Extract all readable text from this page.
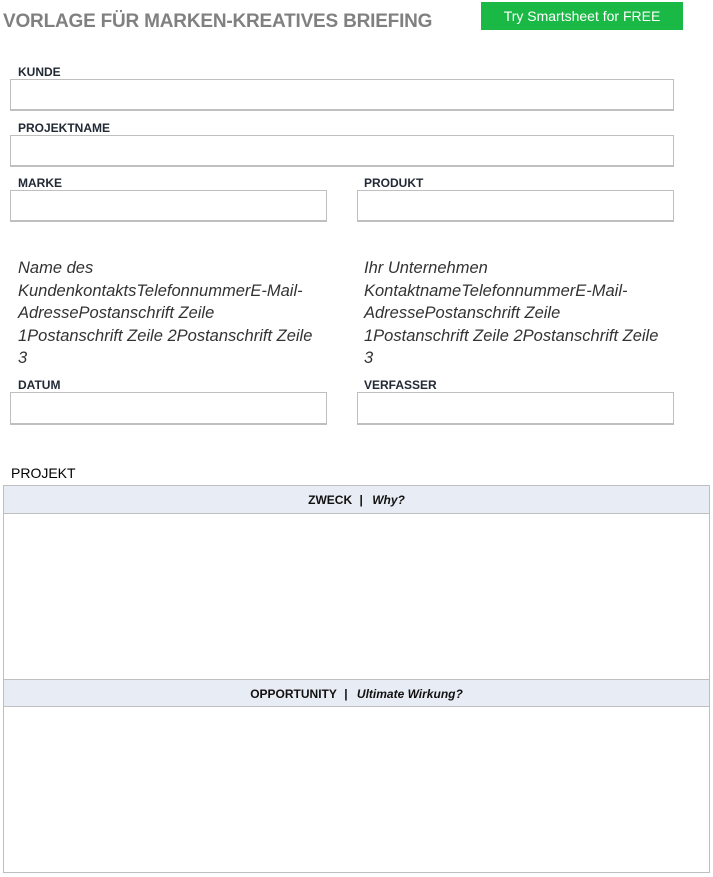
VORLAGE FÜR MARKEN-KREATIVES BRIEFING	Try Smartsheet for FREE
KUNDE
PROJEKTNAME
MARKE	PRODUKT
Name des KundenkontaktsTelefonnummerE-Mail-AdressePostanschrift Zeile 1Postanschrift Zeile 2Postanschrift Zeile 3
Ihr Unternehmen KontaktnameTelefonnummerE-Mail-AdressePostanschrift Zeile 1Postanschrift Zeile 2Postanschrift Zeile 3
DATUM	VERFASSER
PROJEKT
ZWECK | Why?
OPPORTUNITY | Ultimate Wirkung?
